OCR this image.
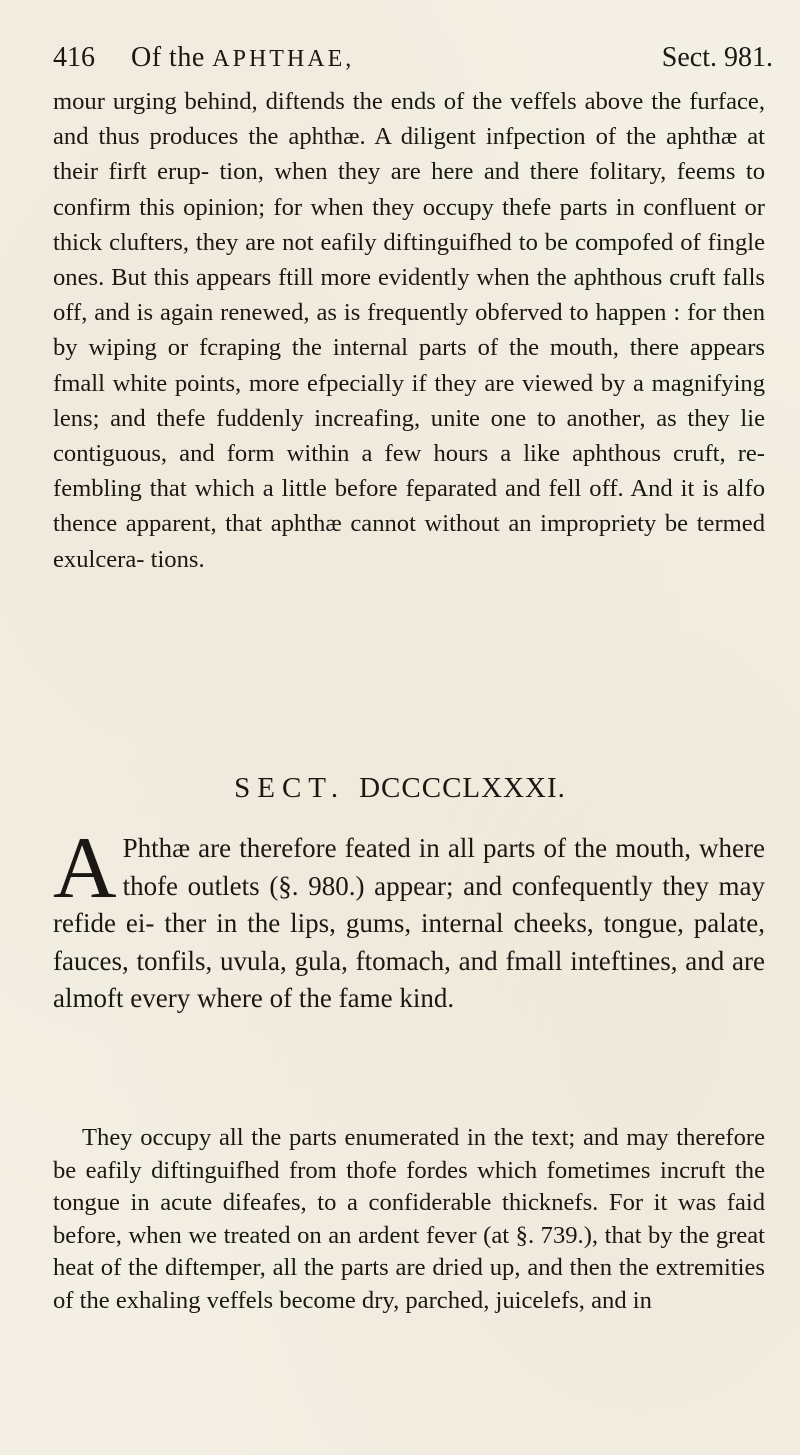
416 Of the APHTHAE,	Sect. 981.

mour urging behind, diftends the ends of the veffels above the furface, and thus produces the aphthæ. A diligent infpection of the aphthæ at their firft erup- tion, when they are here and there folitary, feems to confirm this opinion; for when they occupy thefe parts in confluent or thick clufters, they are not eafily diftinguifhed to be compofed of fingle ones. But this appears ftill more evidently when the aphthous cruft falls off, and is again renewed, as is frequently obferved to happen : for then by wiping or fcraping the internal parts of the mouth, there appears fmall white points, more efpecially if they are viewed by a magnifying lens; and thefe fuddenly increafing, unite one to another, as they lie contiguous, and form within a few hours a like aphthous cruft, re- fembling that which a little before feparated and fell off. And it is alfo thence apparent, that aphthæ cannot without an impropriety be termed exulcera- tions.

SECT. DCCCCLXXXI.

A Phthæ are therefore feated in all parts of the mouth, where thofe outlets (§. 980.) appear; and confequently they may refide ei- ther in the lips, gums, internal cheeks, tongue, palate, fauces, tonfils, uvula, gula, ftomach, and fmall inteftines, and are almoft every where of the fame kind.

They occupy all the parts enumerated in the text; and may therefore be eafily diftinguifhed from thofe fordes which fometimes incruft the tongue in acute difeafes, to a confiderable thicknefs. For it was faid before, when we treated on an ardent fever (at §. 739.), that by the great heat of the diftemper, all the parts are dried up, and then the extremities of the exhaling veffels become dry, parched, juicelefs, and in
